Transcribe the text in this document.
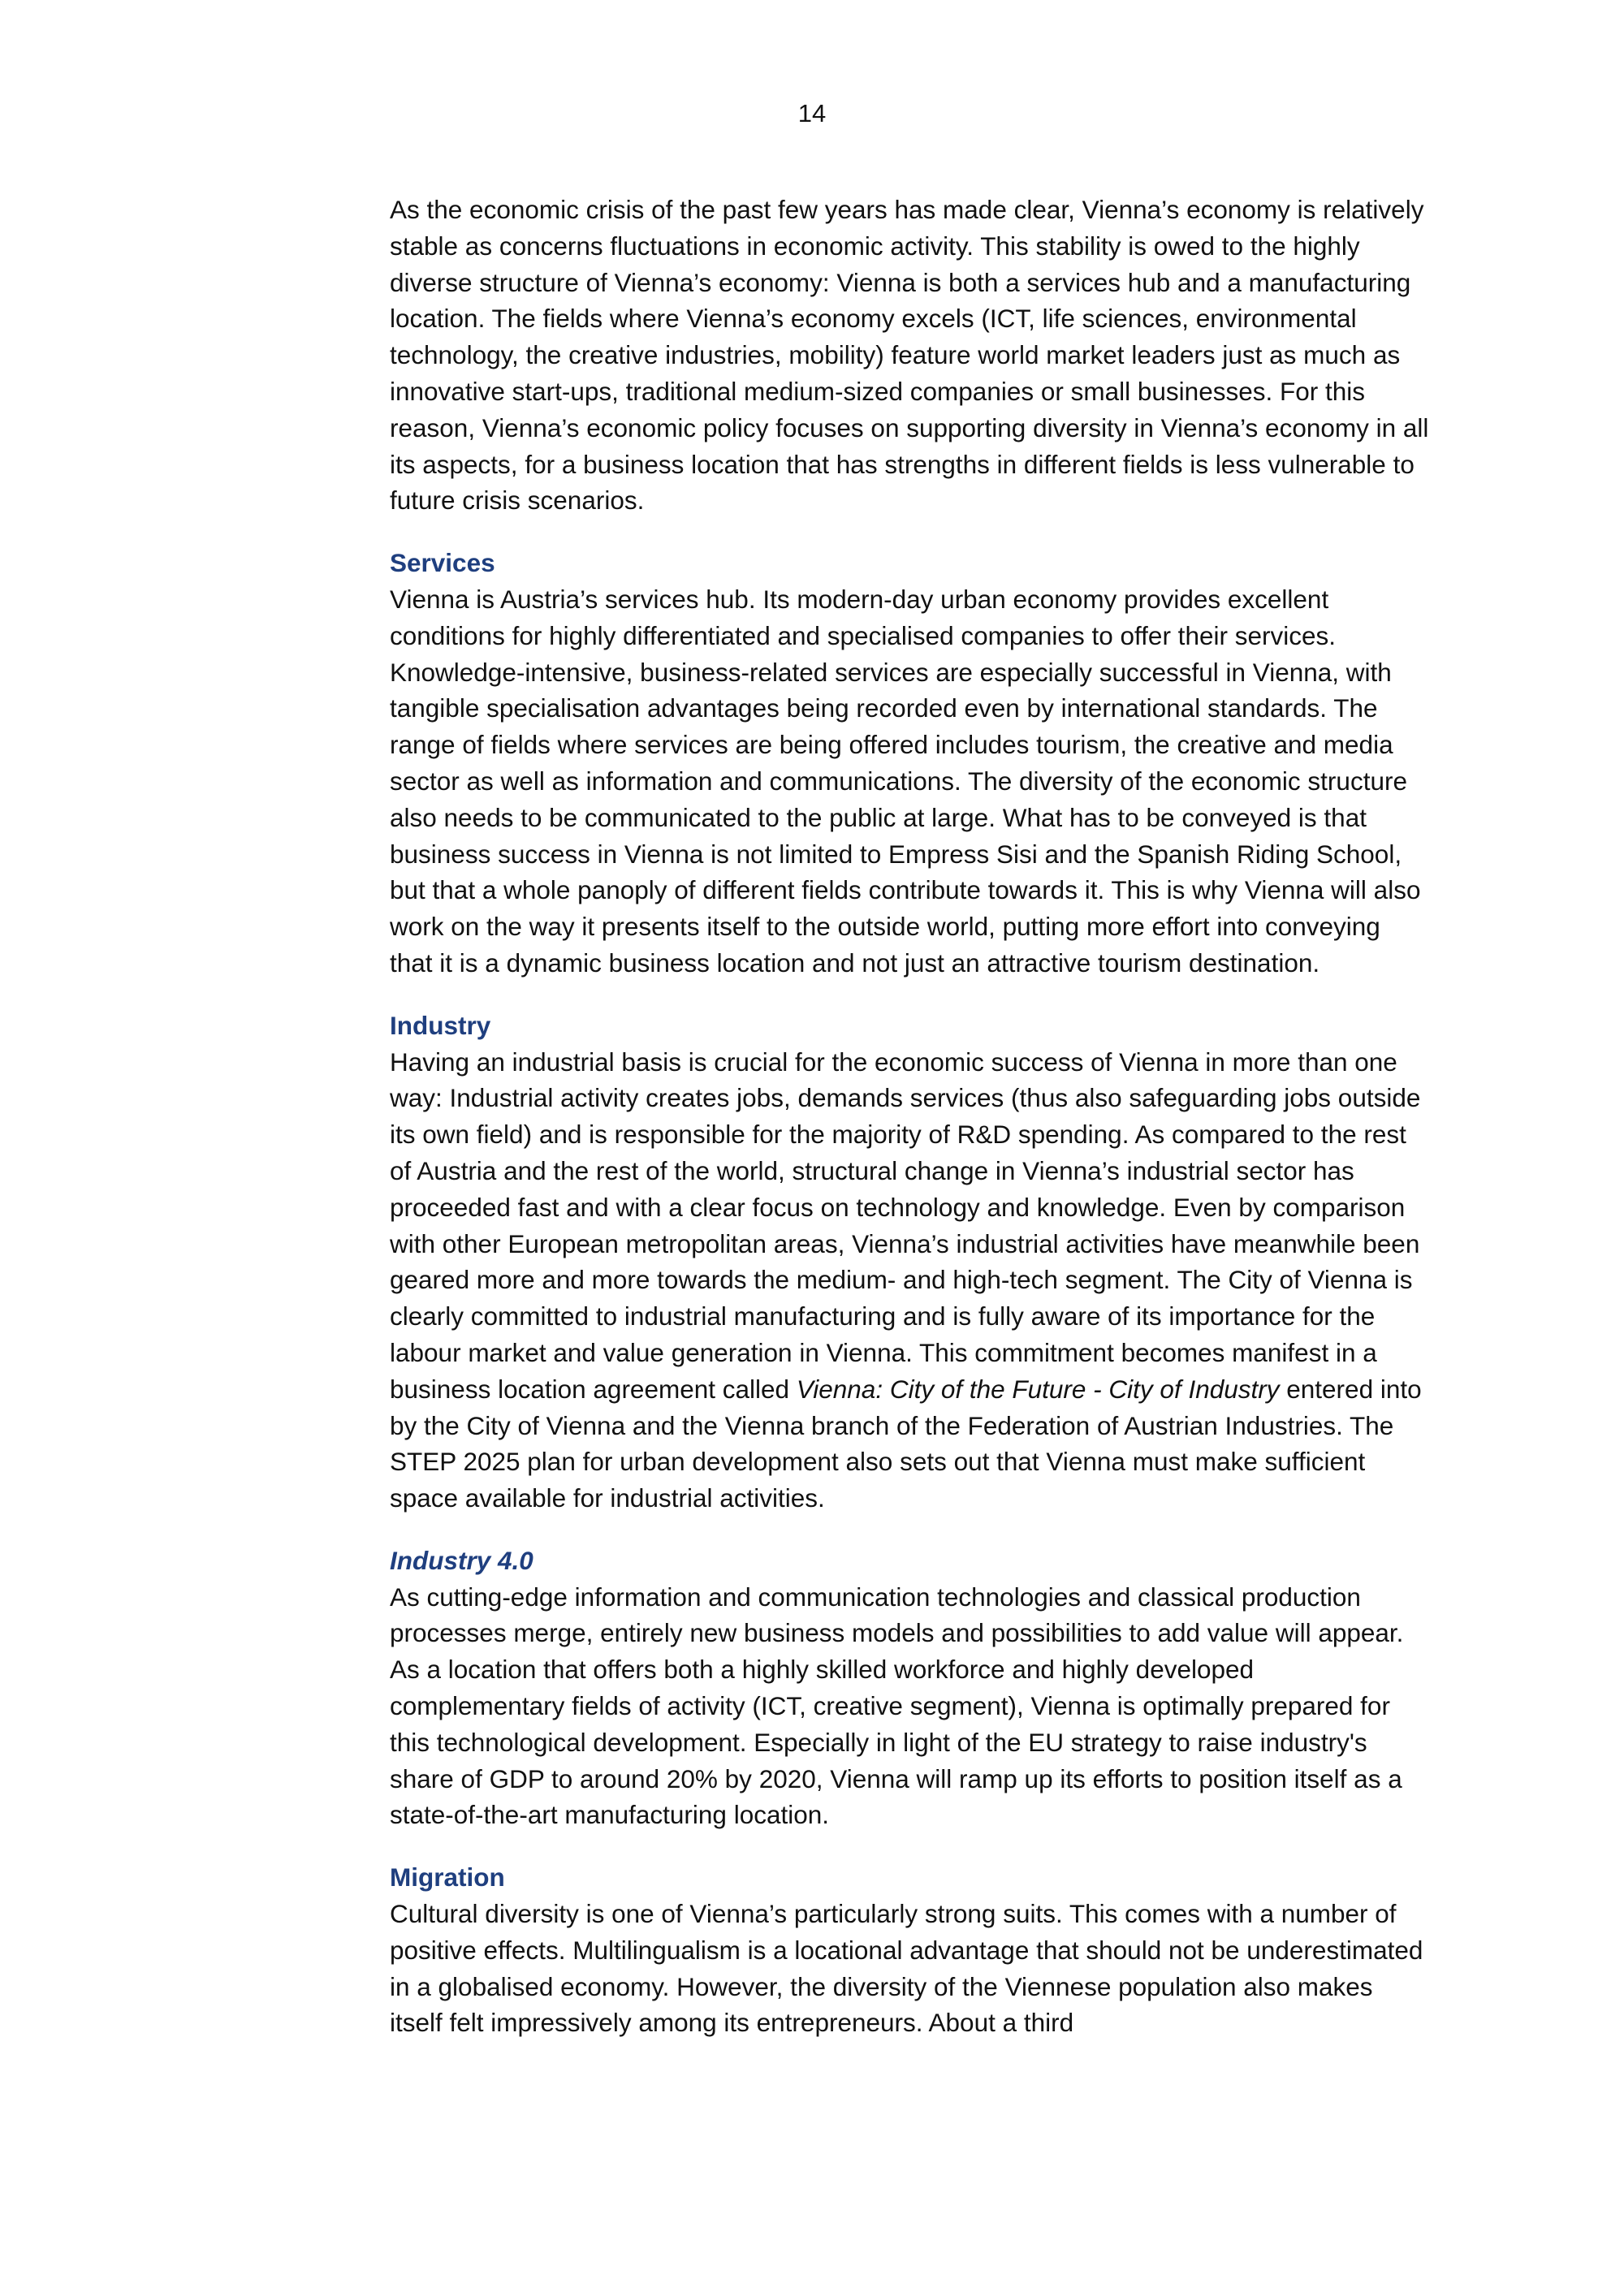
14

As the economic crisis of the past few years has made clear, Vienna’s economy is relatively stable as concerns fluctuations in economic activity. This stability is owed to the highly diverse structure of Vienna’s economy: Vienna is both a services hub and a manufacturing location. The fields where Vienna’s economy excels (ICT, life sciences, environmental technology, the creative industries, mobility) feature world market leaders just as much as innovative start-ups, traditional medium-sized companies or small businesses. For this reason, Vienna’s economic policy focuses on supporting diversity in Vienna’s economy in all its aspects, for a business location that has strengths in different fields is less vulnerable to future crisis scenarios.

Services

Vienna is Austria’s services hub. Its modern-day urban economy provides excellent conditions for highly differentiated and specialised companies to offer their services. Knowledge-intensive, business-related services are especially successful in Vienna, with tangible specialisation advantages being recorded even by international standards. The range of fields where services are being offered includes tourism, the creative and media sector as well as information and communications. The diversity of the economic structure also needs to be communicated to the public at large. What has to be conveyed is that business success in Vienna is not limited to Empress Sisi and the Spanish Riding School, but that a whole panoply of different fields contribute towards it. This is why Vienna will also work on the way it presents itself to the outside world, putting more effort into conveying that it is a dynamic business location and not just an attractive tourism destination.

Industry

Having an industrial basis is crucial for the economic success of Vienna in more than one way: Industrial activity creates jobs, demands services (thus also safeguarding jobs outside its own field) and is responsible for the majority of R&D spending. As compared to the rest of Austria and the rest of the world, structural change in Vienna’s industrial sector has proceeded fast and with a clear focus on technology and knowledge. Even by comparison with other European metropolitan areas, Vienna’s industrial activities have meanwhile been geared more and more towards the medium- and high-tech segment. The City of Vienna is clearly committed to industrial manufacturing and is fully aware of its importance for the labour market and value generation in Vienna. This commitment becomes manifest in a business location agreement called Vienna: City of the Future - City of Industry entered into by the City of Vienna and the Vienna branch of the Federation of Austrian Industries. The STEP 2025 plan for urban development also sets out that Vienna must make sufficient space available for industrial activities.

Industry 4.0

As cutting-edge information and communication technologies and classical production processes merge, entirely new business models and possibilities to add value will appear. As a location that offers both a highly skilled workforce and highly developed complementary fields of activity (ICT, creative segment), Vienna is optimally prepared for this technological development. Especially in light of the EU strategy to raise industry's share of GDP to around 20% by 2020, Vienna will ramp up its efforts to position itself as a state-of-the-art manufacturing location.

Migration

Cultural diversity is one of Vienna’s particularly strong suits. This comes with a number of positive effects. Multilingualism is a locational advantage that should not be underestimated in a globalised economy. However, the diversity of the Viennese population also makes itself felt impressively among its entrepreneurs. About a third
